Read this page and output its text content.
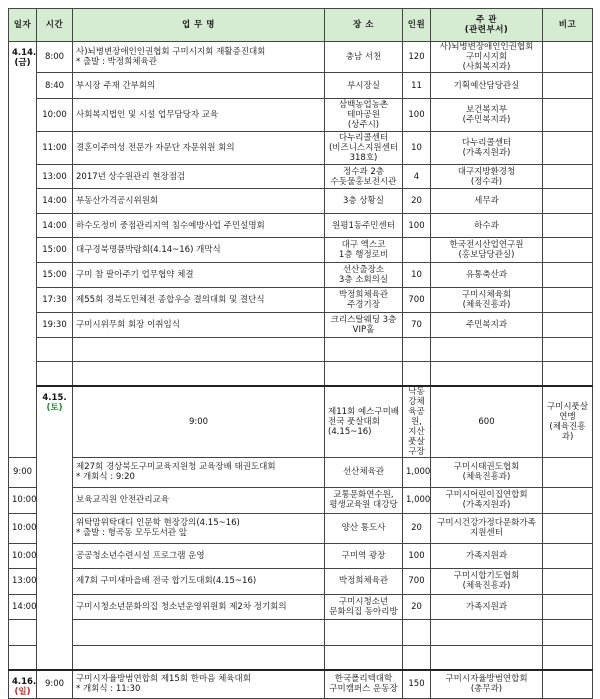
일자	시간	업 무 명	장 소	인원	주 관
(관련부서)	비고	

4.14.
(금)	8:00	사)뇌병변장애인인권협회 구미시지회 재활증진대회
* 출발 : 박정희체육관	충남 서천	120	사)뇌병변장애인인권협회
구미시지회
(사회복지과)		

	8:40	부시장 주재 간부회의	부시장실	11	기획예산담당관실		
	10:00	사회복지법인 및 시설 업무담당자 교육	삼백농업농촌
테마공원
(상주시)	100	보건복지부
(주민복지과)		

	11:00	결혼이주여성 전문가 자문단 자문위원 회의	다누리콜센터
(비즈니스지원센터
318호)	10	다누리콜센터
(가족지원과)		

	13:00	2017년 상수원관리 현장점검	정수과 2층
수돗물홍보전시관	4	대구지방환경청
(정수과)		

	14:00	부동산가격공시위원회	3층 상황실	20	세무과		
	14:00	하수도정비 중점관리지역 침수예방사업 주민설명회	원평1동주민센터	100	하수과		
	15:00	대구경북명품박람회(4.14~16) 개막식	대구 엑스코
1층 행정로비		한국전시산업연구원
(홍보담당관실)		

	15:00	구미 참 팔아주기 업무협약 체결	선산출장소
3층 소회의실	10	유통축산과		
	17:30	제55회 경북도민체전 종합우승 결의대회 및 결단식	박정희체육관
주경기장	700	구미시체육회
(체육진흥과)		

	19:30	구미시위무회 회장 이취임식	크리스탈웨딩 3층
VIP홀	70	주민복지과		

	4.15.
(토)	9:00	제11회 예스구미배 전국 풋살대회(4.15~16)	낙동강체육공원,
지산풋살구장	600	구미시풋살연맹
(체육진흥과)	

9:00		제27회 경상북도구미교육지원청 교육장배 태권도대회
* 개회식 : 9:20	선산체육관	1,000	구미시태권도협회
(체육진흥과)		

10:00		보육교직원 안전관리교육	교통문화연수원,
평생교육원 대강당	1,000	구미시어린이집연합회
(가족지원과)		

10:00		위탁맘위탁대디 인문학 현장강의(4.15~16)
* 출발 : 형곡동 모두도서관 앞	양산 통도사	20	구미시건강가정다문화가족
지원센터		

10:00		공공청소년수련시설 프로그램 운영	구미역 광장	100	가족지원과		
13:00		제7회 구미새마을배 전국 합기도대회(4.15~16)	박정희체육관	700	구미시합기도협회
(체육진흥과)		

14:00		구미시청소년문화의집 청소년운영위원회 제2차 정기회의	구미시청소년
문화의집 동아리방	20	가족지원과		

4.16.
(일)	9:00	구미시자율방범연합회 제15회 한마음 체육대회
* 개회식 : 11:30	한국폴리텍대학
구미캠퍼스 운동장	150	구미시자율방범연합회
(총무과)		
